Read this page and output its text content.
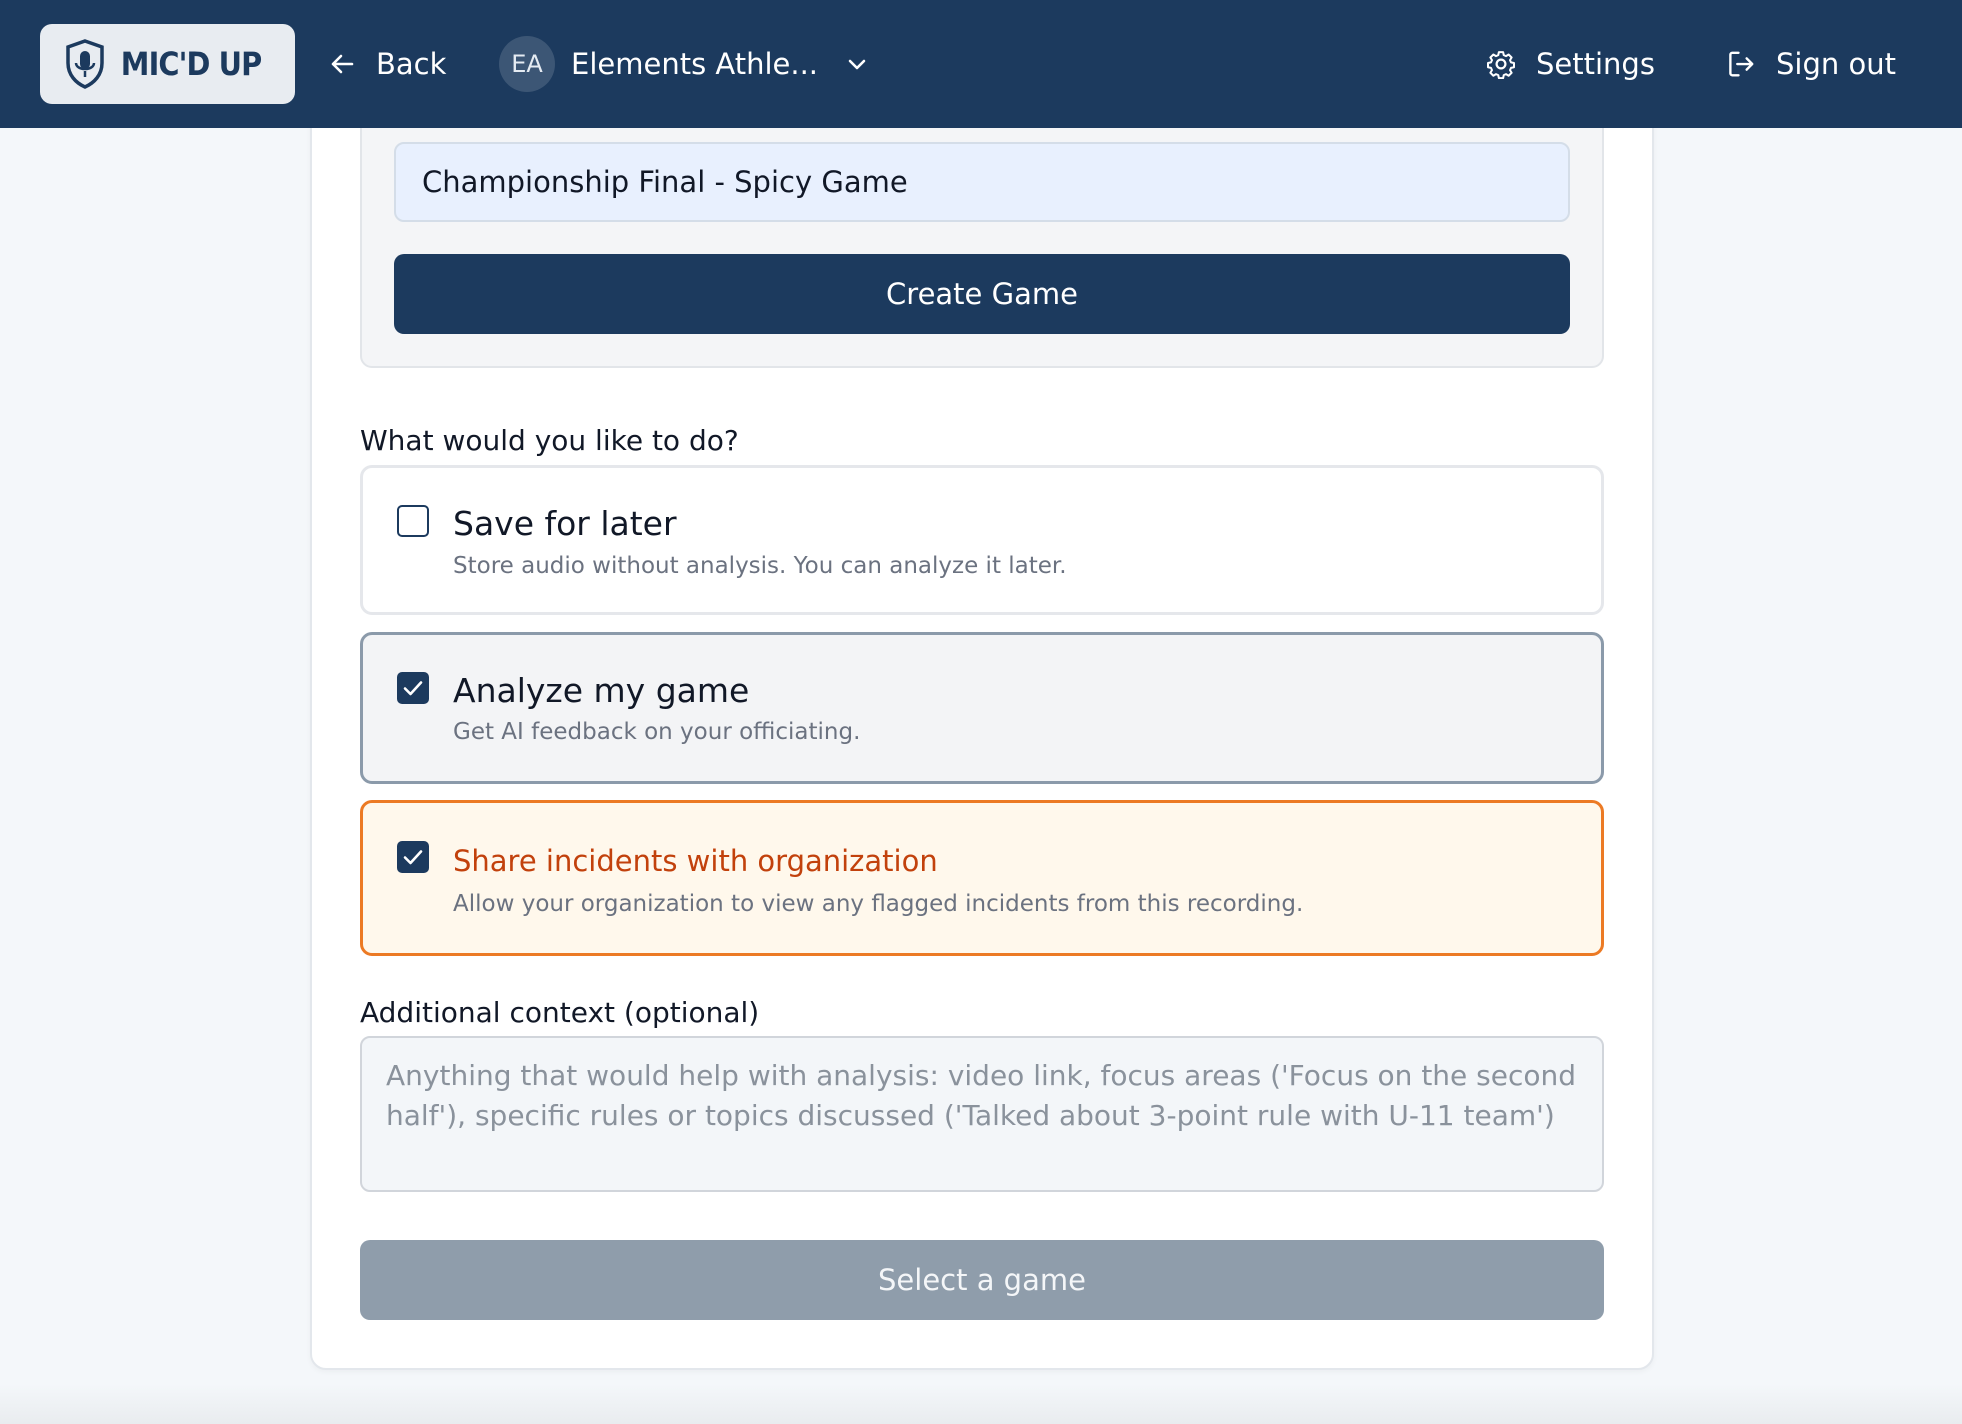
MIC'D UP	Back	EA Elements Athle...	Settings	Sign out
Championship Final - Spicy Game
Create Game
What would you like to do?
Save for later
Store audio without analysis. You can analyze it later.
Analyze my game
Get AI feedback on your officiating.
Share incidents with organization
Allow your organization to view any flagged incidents from this recording.
Additional context (optional)
Anything that would help with analysis: video link, focus areas ('Focus on the second half'), specific rules or topics discussed ('Talked about 3-point rule with U-11 team')
Select a game
